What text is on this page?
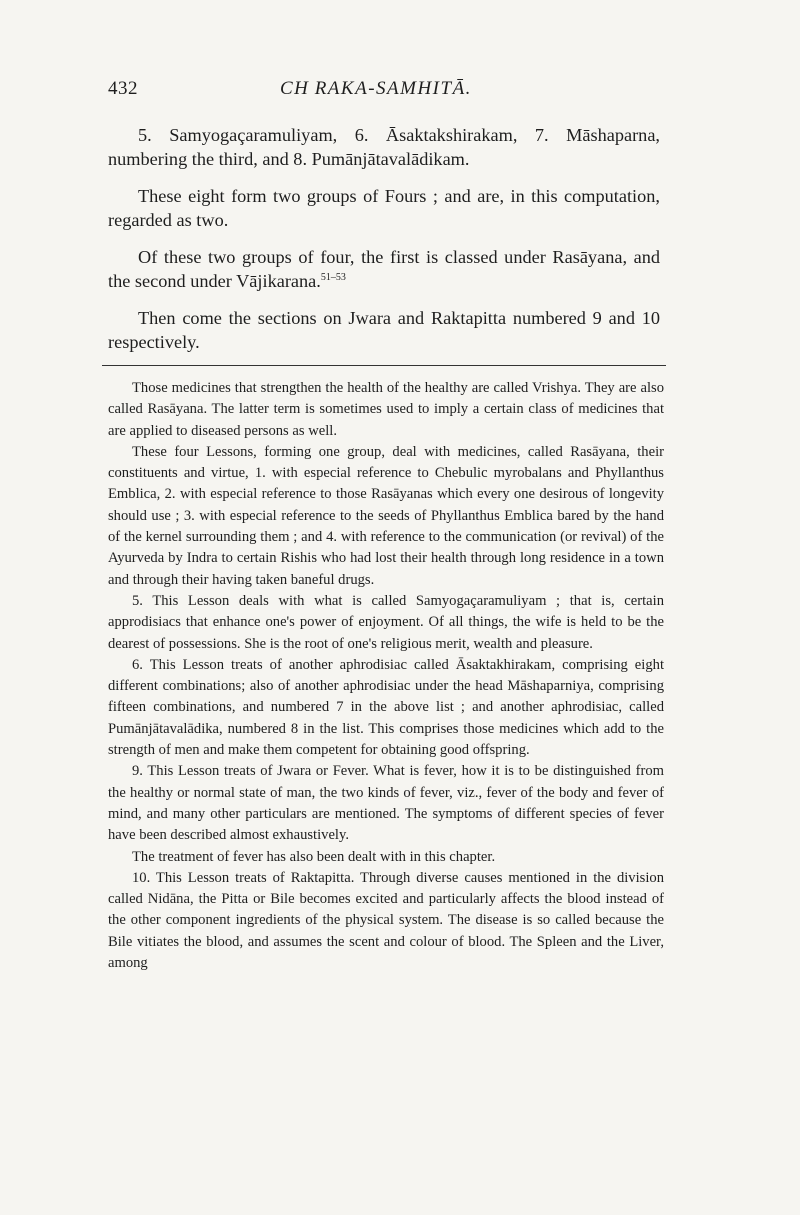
432	CH RAKA-SAMHITĀ.

5. Samyogaçaramuliyam, 6. Āsaktakshirakam, 7. Māshaparna, numbering the third, and 8. Pumānjātavalādikam.

These eight form two groups of Fours ; and are, in this computation, regarded as two.

Of these two groups of four, the first is classed under Rasāyana, and the second under Vājikarana.$^{51-53}$

Then come the sections on Jwara and Raktapitta numbered 9 and 10 respectively.

Those medicines that strengthen the health of the healthy are called Vrishya. They are also called Rasāyana. The latter term is sometimes used to imply a certain class of medicines that are applied to diseased persons as well.

These four Lessons, forming one group, deal with medicines, called Rasāyana, their constituents and virtue, 1. with especial reference to Chebulic myrobalans and Phyllanthus Emblica, 2. with especial reference to those Rasāyanas which every one desirous of longevity should use ; 3. with especial reference to the seeds of Phyllanthus Emblica bared by the hand of the kernel surrounding them ; and 4. with reference to the communication (or revival) of the Ayurveda by Indra to certain Rishis who had lost their health through long residence in a town and through their having taken baneful drugs.

5. This Lesson deals with what is called Samyogaçaramuliyam ; that is, certain approdisiacs that enhance one's power of enjoyment. Of all things, the wife is held to be the dearest of possessions. She is the root of one's religious merit, wealth and pleasure.

6. This Lesson treats of another aphrodisiac called Āsaktakhirakam, comprising eight different combinations; also of another aphrodisiac under the head Māshaparniya, comprising fifteen combinations, and numbered 7 in the above list ; and another aphrodisiac, called Pumānjātavalādika, numbered 8 in the list. This comprises those medicines which add to the strength of men and make them competent for obtaining good offspring.

9. This Lesson treats of Jwara or Fever. What is fever, how it is to be distinguished from the healthy or normal state of man, the two kinds of fever, viz., fever of the body and fever of mind, and many other particulars are mentioned. The symptoms of different species of fever have been described almost exhaustively.

The treatment of fever has also been dealt with in this chapter.

10. This Lesson treats of Raktapitta. Through diverse causes mentioned in the division called Nidāna, the Pitta or Bile becomes excited and particularly affects the blood instead of the other component ingredients of the physical system. The disease is so called because the Bile vitiates the blood, and assumes the scent and colour of blood. The Spleen and the Liver, among
